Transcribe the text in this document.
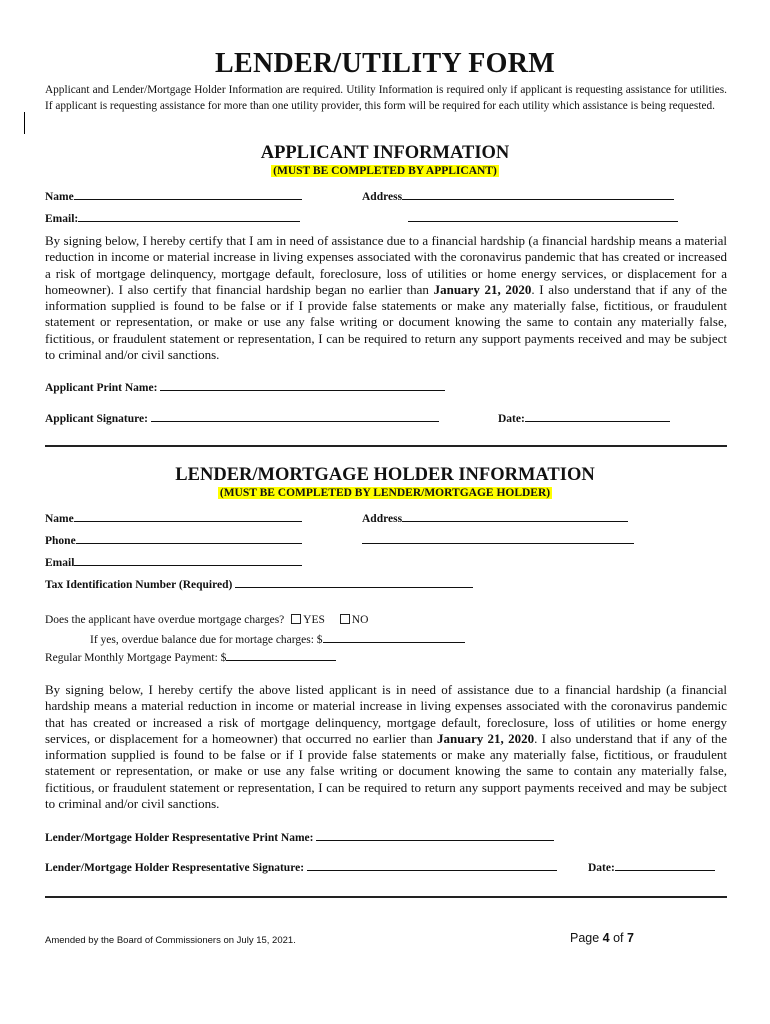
LENDER/UTILITY FORM
Applicant and Lender/Mortgage Holder Information are required. Utility Information is required only if applicant is requesting assistance for utilities. If applicant is requesting assistance for more than one utility provider, this form will be required for each utility which assistance is being requested.
APPLICANT INFORMATION
(MUST BE COMPLETED BY APPLICANT)
Name	Address
Email:
By signing below, I hereby certify that I am in need of assistance due to a financial hardship (a financial hardship means a material reduction in income or material increase in living expenses associated with the coronavirus pandemic that has created or increased a risk of mortgage delinquency, mortgage default, foreclosure, loss of utilities or home energy services, or displacement for a homeowner). I also certify that financial hardship began no earlier than January 21, 2020. I also understand that if any of the information supplied is found to be false or if I provide false statements or make any materially false, fictitious, or fraudulent statement or representation, or make or use any false writing or document knowing the same to contain any materially false, fictitious, or fraudulent statement or representation, I can be required to return any support payments received and may be subject to criminal and/or civil sanctions.
Applicant Print Name:
Applicant Signature:	Date:
LENDER/MORTGAGE HOLDER INFORMATION
(MUST BE COMPLETED BY LENDER/MORTGAGE HOLDER)
Name	Address
Phone
Email
Tax Identification Number (Required)
Does the applicant have overdue mortgage charges? YES NO
If yes, overdue balance due for mortage charges: $
Regular Monthly Mortgage Payment: $
By signing below, I hereby certify the above listed applicant is in need of assistance due to a financial hardship (a financial hardship means a material reduction in income or material increase in living expenses associated with the coronavirus pandemic that has created or increased a risk of mortgage delinquency, mortgage default, foreclosure, loss of utilities or home energy services, or displacement for a homeowner) that occurred no earlier than January 21, 2020. I also understand that if any of the information supplied is found to be false or if I provide false statements or make any materially false, fictitious, or fraudulent statement or representation, or make or use any false writing or document knowing the same to contain any materially false, fictitious, or fraudulent statement or representation, I can be required to return any support payments received and may be subject to criminal and/or civil sanctions.
Lender/Mortgage Holder Respresentative Print Name:
Lender/Mortgage Holder Respresentative Signature:	Date:
Amended by the Board of Commissioners on July 15, 2021.	Page 4 of 7
